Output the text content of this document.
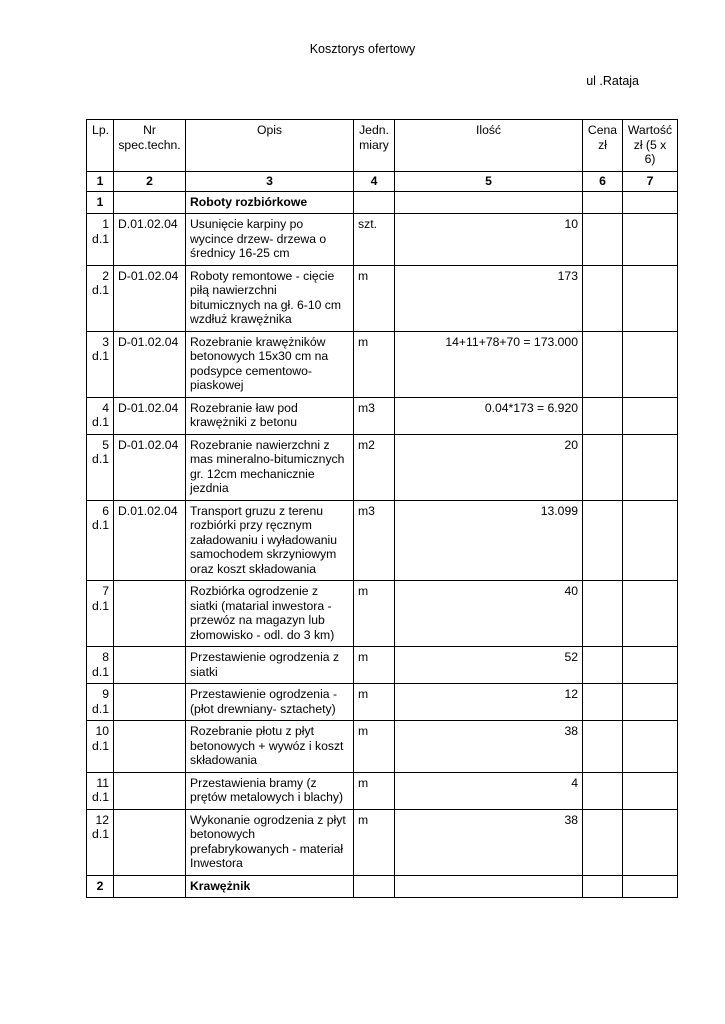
Kosztorys ofertowy
ul .Rataja
Lp.	Nr spec.techn.	Opis	Jedn. miary	Ilość	Cena zł	Wartość zł (5 x 6)
1	2	3	4	5	6	7
1		Roboty rozbiórkowe				
1 d.1	D.01.02.04	Usunięcie karpiny po wycince drzew- drzewa o średnicy 16-25 cm	szt.	10		
2 d.1	D-01.02.04	Roboty remontowe - cięcie piłą nawierzchni bitumicznych na gł. 6-10 cm wzdłuż krawężnika	m	173		
3 d.1	D-01.02.04	Rozebranie krawężników betonowych 15x30 cm na podsypce cementowo-piaskowej	m	14+11+78+70 = 173.000		
4 d.1	D-01.02.04	Rozebranie ław pod krawężniki z betonu	m3	0.04*173 = 6.920		
5 d.1	D-01.02.04	Rozebranie nawierzchni z mas mineralno-bitumicznych gr. 12cm mechanicznie jezdnia	m2	20		
6 d.1	D.01.02.04	Transport gruzu z terenu rozbiórki przy ręcznym załadowaniu i wyładowaniu samochodem skrzyniowym oraz koszt składowania	m3	13.099		
7 d.1		Rozbiórka ogrodzenie z siatki (matarial inwestora - przewóz na magazyn lub złomowisko - odl. do 3 km)	m	40		
8 d.1		Przestawienie ogrodzenia z siatki	m	52		
9 d.1		Przestawienie ogrodzenia - (płot drewniany- sztachety)	m	12		
10 d.1		Rozebranie płotu z płyt betonowych + wywóz i koszt składowania	m	38		
11 d.1		Przestawienia bramy (z prętów metalowych i blachy)	m	4		
12 d.1		Wykonanie ogrodzenia z płyt betonowych prefabrykowanych - materiał Inwestora	m	38		
2		Krawężnik				
